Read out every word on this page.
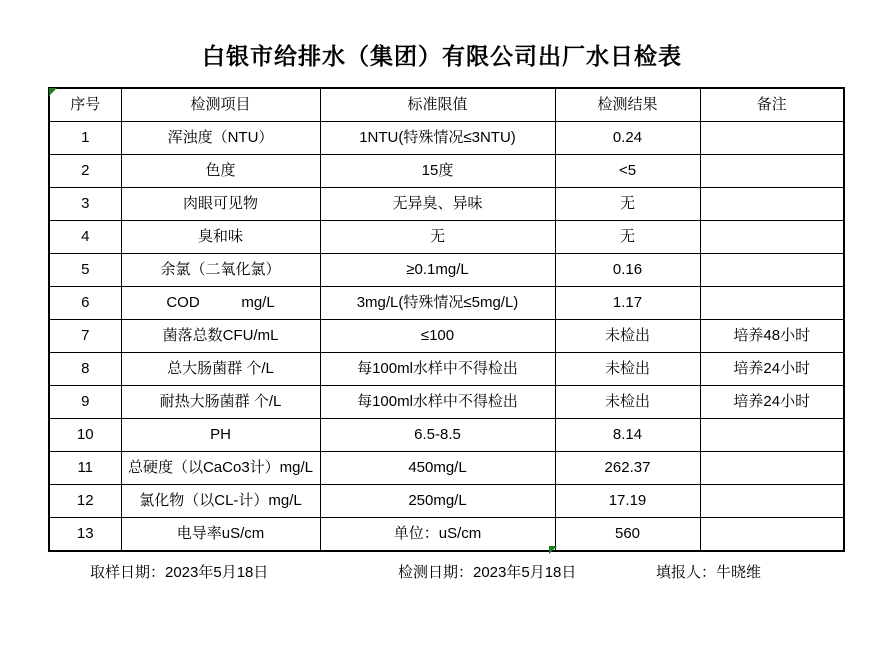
白银市给排水（集团）有限公司出厂水日检表
序号	检测项目	标准限值	检测结果	备注
1	浑浊度（NTU）	1NTU(特殊情况≤3NTU)	0.24	
2	色度	15度	<5	
3	肉眼可见物	无异臭、异味	无	
4	臭和味	无	无	
5	余氯（二氧化氯）	≥0.1mg/L	0.16	
6	COD          mg/L	3mg/L(特殊情况≤5mg/L)	1.17	
7	菌落总数CFU/mL	≤100	未检出	培养48小时
8	总大肠菌群 个/L	每100ml水样中不得检出	未检出	培养24小时
9	耐热大肠菌群 个/L	每100ml水样中不得检出	未检出	培养24小时
10	PH	6.5-8.5	8.14	
11	总硬度（以CaCo3计）mg/L	450mg/L	262.37	
12	氯化物（以CL-计）mg/L	250mg/L	17.19	
13	电导率uS/cm	单位：uS/cm	560	
取样日期：2023年5月18日	检测日期：2023年5月18日	填报人：牛晓维
